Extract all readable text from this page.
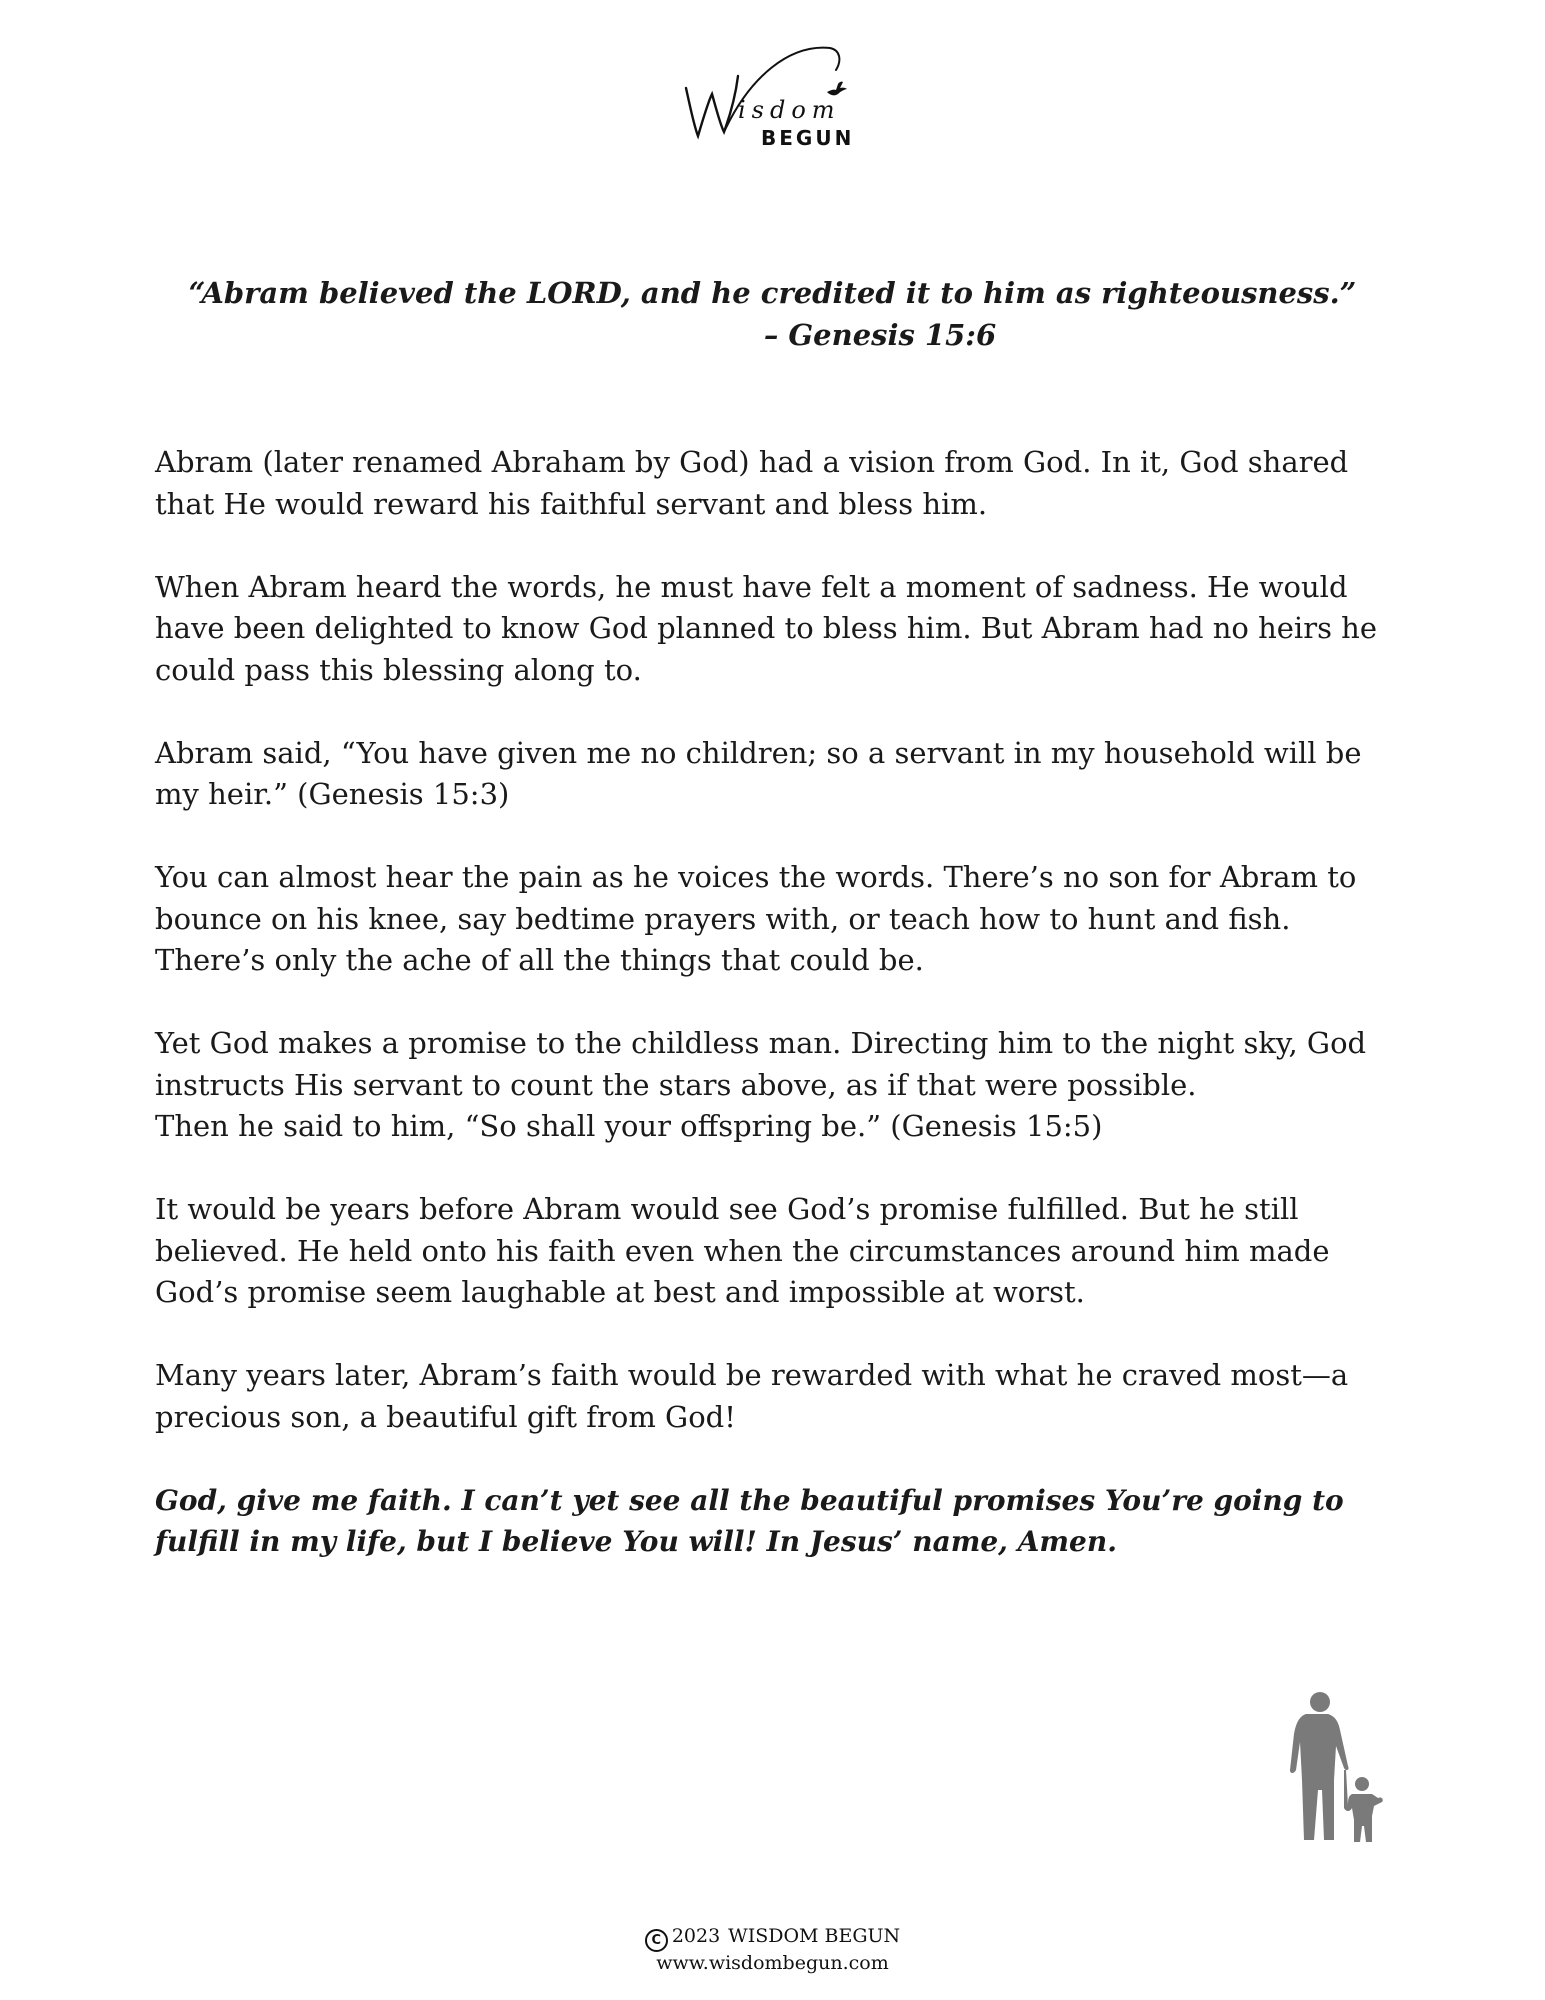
isdom
BEGUN
“Abram believed the LORD, and he credited it to him as righteousness.”
– Genesis 15:6

Abram (later renamed Abraham by God) had a vision from God. In it, God shared that He would reward his faithful servant and bless him.

When Abram heard the words, he must have felt a moment of sadness. He would have been delighted to know God planned to bless him. But Abram had no heirs he could pass this blessing along to.

Abram said, “You have given me no children; so a servant in my household will be my heir.” (Genesis 15:3)

You can almost hear the pain as he voices the words. There’s no son for Abram to bounce on his knee, say bedtime prayers with, or teach how to hunt and fish. There’s only the ache of all the things that could be.

Yet God makes a promise to the childless man. Directing him to the night sky, God instructs His servant to count the stars above, as if that were possible.
Then he said to him, “So shall your offspring be.” (Genesis 15:5)

It would be years before Abram would see God’s promise fulfilled. But he still believed. He held onto his faith even when the circumstances around him made God’s promise seem laughable at best and impossible at worst.

Many years later, Abram’s faith would be rewarded with what he craved most—a precious son, a beautiful gift from God!

God, give me faith. I can’t yet see all the beautiful promises You’re going to fulfill in my life, but I believe You will! In Jesus’ name, Amen.

C 2023 WISDOM BEGUN
www.wisdombegun.com
